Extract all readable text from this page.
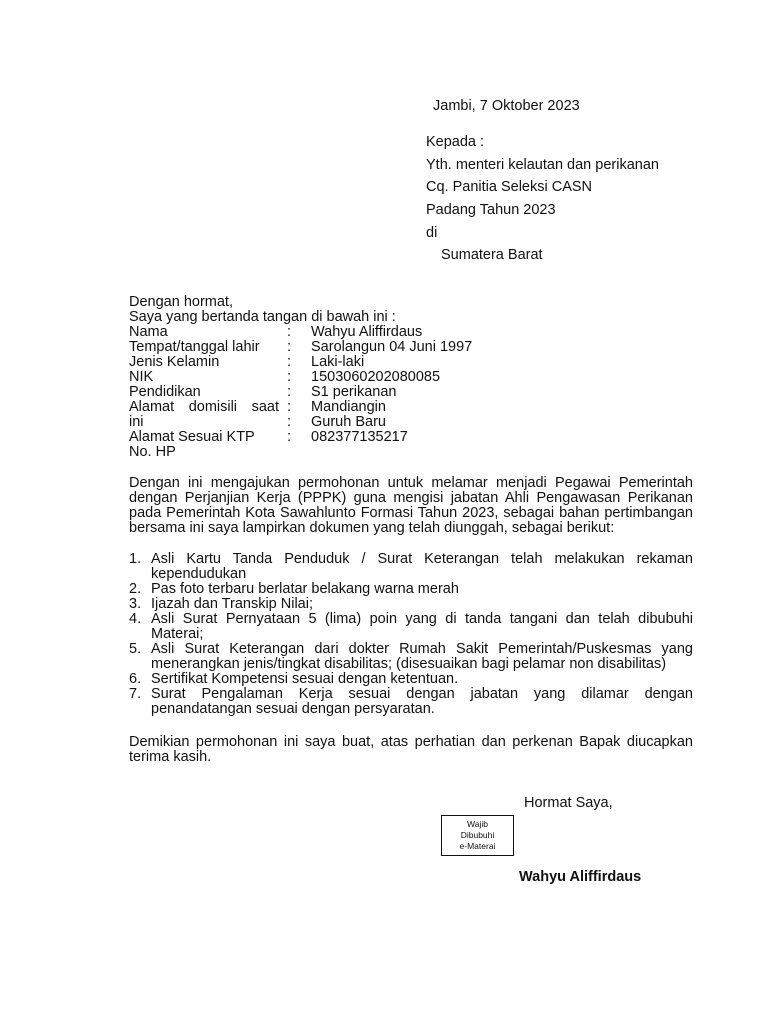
Jambi, 7 Oktober 2023
Kepada :
Yth. menteri kelautan dan perikanan
Cq. Panitia Seleksi CASN
Padang Tahun 2023
di
Sumatera Barat
Dengan hormat,
Saya yang bertanda tangan di bawah ini :
Nama	: Wahyu Aliffirdaus
Tempat/tanggal lahir	: Sarolangun 04 Juni 1997
Jenis Kelamin	: Laki-laki
NIK	: 1503060202080085
Pendidikan	: S1 perikanan
Alamat domisili saat : Mandiangin
ini	: Guruh Baru
Alamat Sesuai KTP	: 082377135217
No. HP
Dengan ini mengajukan permohonan untuk melamar menjadi Pegawai Pemerintah dengan Perjanjian Kerja (PPPK) guna mengisi jabatan Ahli Pengawasan Perikanan pada Pemerintah Kota Sawahlunto Formasi Tahun 2023, sebagai bahan pertimbangan bersama ini saya lampirkan dokumen yang telah diunggah, sebagai berikut:
1. Asli Kartu Tanda Penduduk / Surat Keterangan telah melakukan rekaman kependudukan
2. Pas foto terbaru berlatar belakang warna merah
3. Ijazah dan Transkip Nilai;
4. Asli Surat Pernyataan 5 (lima) poin yang di tanda tangani dan telah dibubuhi Materai;
5. Asli Surat Keterangan dari dokter Rumah Sakit Pemerintah/Puskesmas yang menerangkan jenis/tingkat disabilitas; (disesuaikan bagi pelamar non disabilitas)
6. Sertifikat Kompetensi sesuai dengan ketentuan.
7. Surat Pengalaman Kerja sesuai dengan jabatan yang dilamar dengan penandatangan sesuai dengan persyaratan.
Demikian permohonan ini saya buat, atas perhatian dan perkenan Bapak diucapkan terima kasih.
Hormat Saya,
Wajib
Dibubuhi
e-Materai
Wahyu Aliffirdaus
